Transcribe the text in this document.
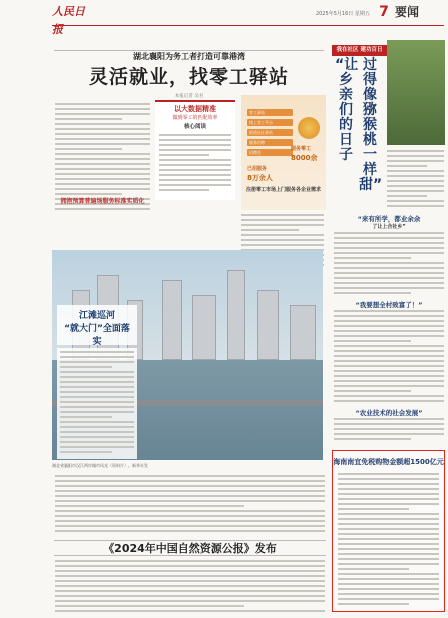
人民日报
2025年5月16日 星期五 7 要闻
湖北襄阳为务工者打造可靠港湾
灵活就业，找零工驿站
本报记者 吴君
拥抱预算普遍场服务标准实质化
以大数据精准
做到零工的匹配效率
核心阅读
零工驿站
线上零工平台
街道社区驿站
服务招聘
招聘会
服务零工
8000余
已招服务
8万余人
注册零工市场上门服务各企业需求
江滩巡河
“就大门”全面落实
湖北省襄阳市汉江两岸城市风光（资料片）。新华社发
《2024年中国自然资源公报》发布
我在社区 建功百日
“让乡亲们的日子
过得像猕猴桃一样甜”
“来有所学，都业余余
了让上合社乡”
“我要想全村致富了！”
“农业技术的社会发展”
海南南宜免税购物金额超1500亿元
